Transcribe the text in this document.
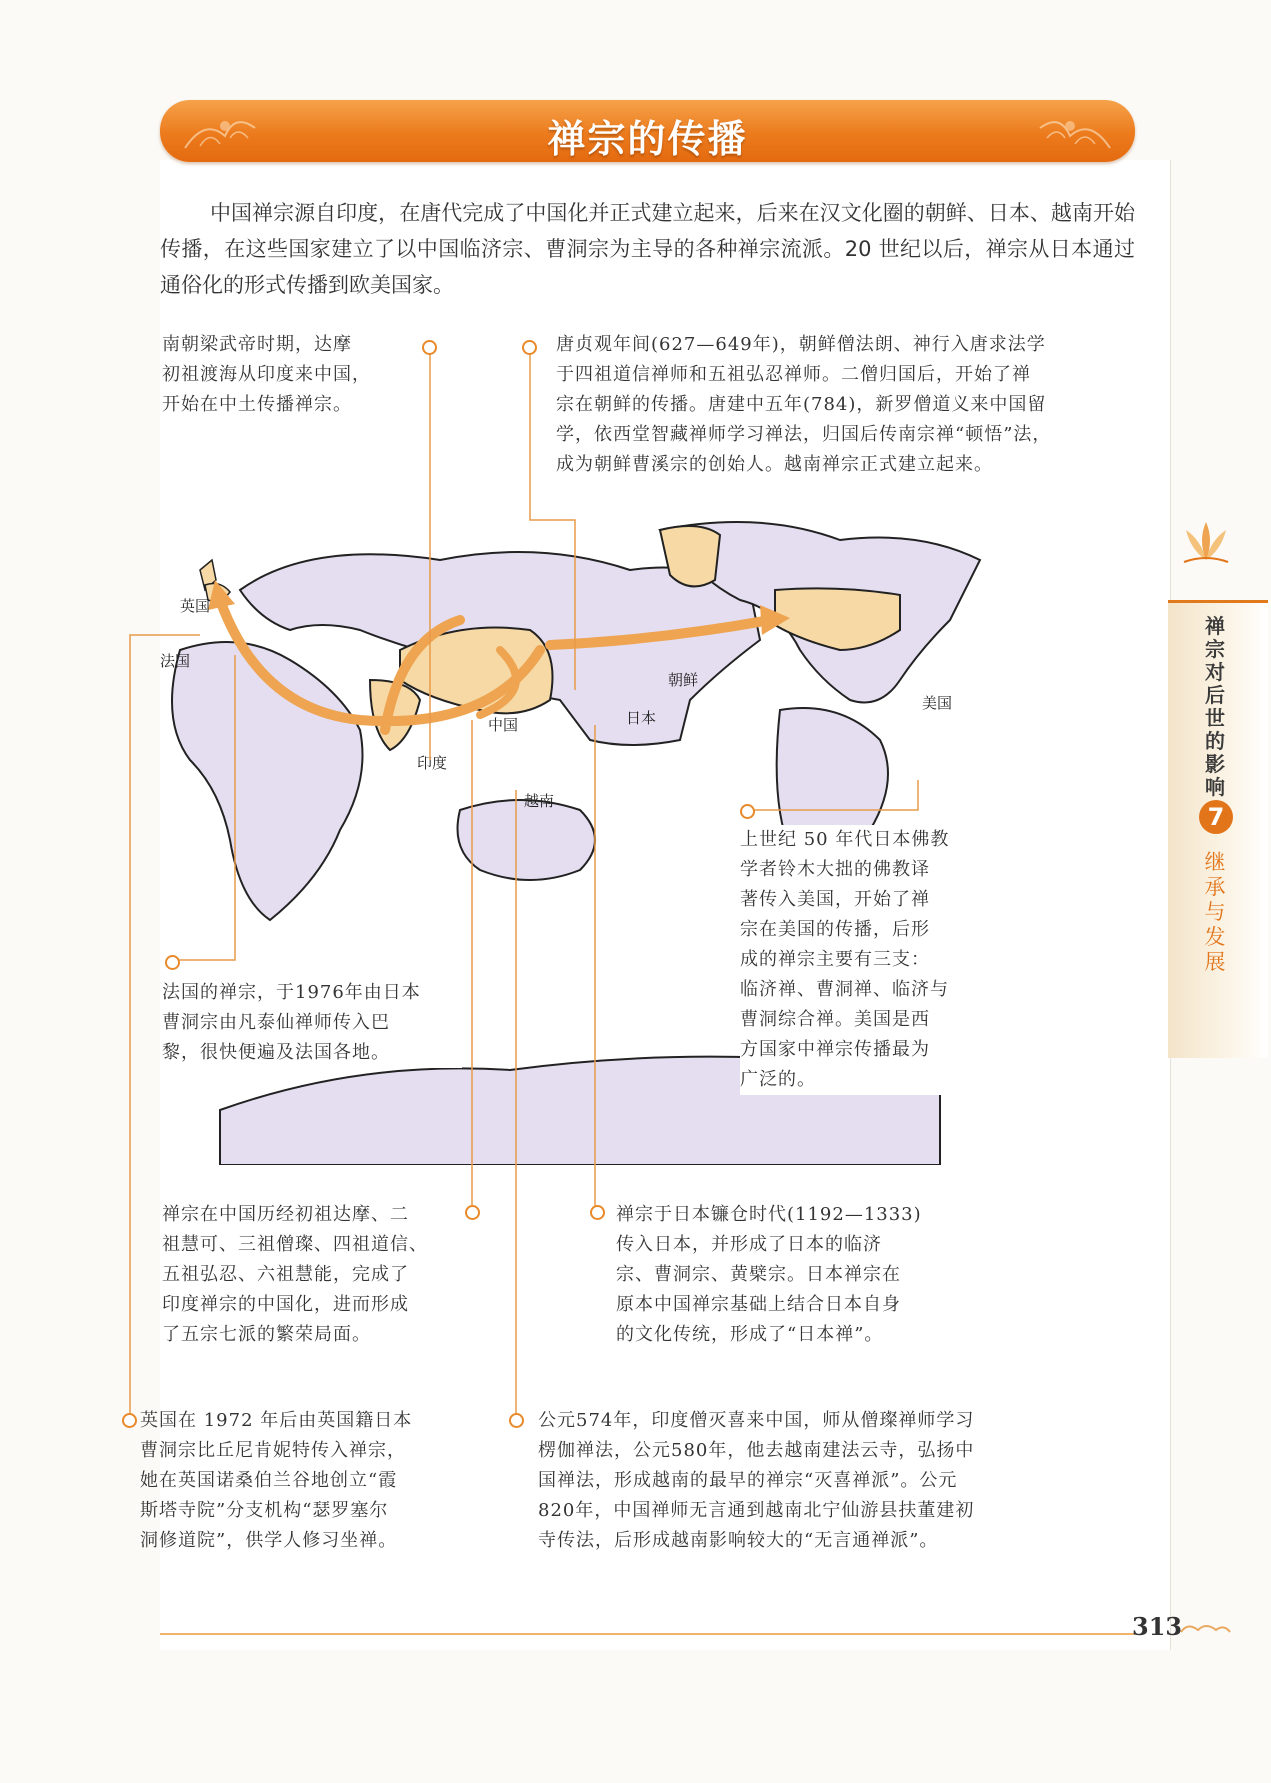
禅宗的传播
中国禅宗源自印度，在唐代完成了中国化并正式建立起来，后来在汉文化圈的朝鲜、日本、越南开始传播，在这些国家建立了以中国临济宗、曹洞宗为主导的各种禅宗流派。20 世纪以后，禅宗从日本通过通俗化的形式传播到欧美国家。
英国
法国
朝鲜
日本
中国
印度
越南
美国
南朝梁武帝时期，达摩
初祖渡海从印度来中国，
开始在中土传播禅宗。
唐贞观年间(627—649年)，朝鲜僧法朗、神行入唐求法学
于四祖道信禅师和五祖弘忍禅师。二僧归国后，开始了禅
宗在朝鲜的传播。唐建中五年(784)，新罗僧道义来中国留
学，依西堂智藏禅师学习禅法，归国后传南宗禅“顿悟”法，
成为朝鲜曹溪宗的创始人。越南禅宗正式建立起来。
上世纪 50 年代日本佛教
学者铃木大拙的佛教译
著传入美国，开始了禅
宗在美国的传播，后形
成的禅宗主要有三支：
临济禅、曹洞禅、临济与
曹洞综合禅。美国是西
方国家中禅宗传播最为
广泛的。
法国的禅宗，于1976年由日本
曹洞宗由凡泰仙禅师传入巴
黎，很快便遍及法国各地。
禅宗在中国历经初祖达摩、二
祖慧可、三祖僧璨、四祖道信、
五祖弘忍、六祖慧能，完成了
印度禅宗的中国化，进而形成
了五宗七派的繁荣局面。
禅宗于日本镰仓时代(1192—1333)
传入日本，并形成了日本的临济
宗、曹洞宗、黄檗宗。日本禅宗在
原本中国禅宗基础上结合日本自身
的文化传统，形成了“日本禅”。
英国在 1972 年后由英国籍日本
曹洞宗比丘尼肯妮特传入禅宗，
她在英国诺桑伯兰谷地创立“霞
斯塔寺院”分支机构“瑟罗塞尔
洞修道院”，供学人修习坐禅。
公元574年，印度僧灭喜来中国，师从僧璨禅师学习
楞伽禅法，公元580年，他去越南建法云寺，弘扬中
国禅法，形成越南的最早的禅宗“灭喜禅派”。公元
820年，中国禅师无言通到越南北宁仙游县扶董建初
寺传法，后形成越南影响较大的“无言通禅派”。
禅宗对后世的影响
7
继承与发展
313
